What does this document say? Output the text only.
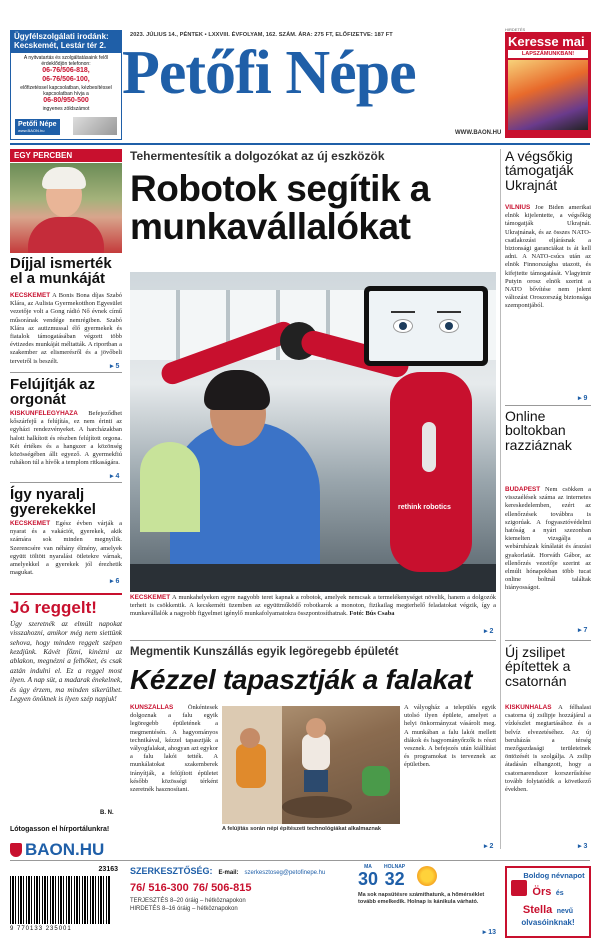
Ügyfélszolgálati irodánk:
Kecskemét, Lestár tér 2.
A nyitvatartás és szolgáltatásaink felől érdeklődjön telefonon:
06-76/506-818,
06-76/506-100,
előfizetéssel kapcsolatban, kézbesítéssel kapcsolatban hívja a
06-80/950-500
ingyenes zöldszámot
Petőfi Népe
www.BAON.hu
2023. JÚLIUS 14., PÉNTEK • LXXVIII. ÉVFOLYAM, 162. SZÁM. ÁRA: 275 FT, ELŐFIZETVE: 187 FT
Petőfi Népe
WWW.BAON.HU
HIRDETÉS
Keresse mai
LAPSZÁMUNKBAN!
EGY PERCBEN
Díjjal ismerték el a munkáját
KECSKEMÉT A Bonis Bona díjas Szabó Klára, az Aulista Gyermekotthon Egyesület vezetője volt a Gong rádió Nő évnek című műsorának vendége nemrégiben. Szabó Klára az autizmussal élő gyermekek és fiatalok támogatásában végzett több évtizedes munkáját méltatták. A riportban a szakember az elismerésről és a jövőbeli terveiről is beszélt.
▸ 5
Felújítják az orgonát
KISKUNFÉLEGYHÁZA Befejeződhet kőszárfejű a felújítás, ez nem érinti az egyházi rendezvényeket. A harcházakban halott halkított és részben felújított orgona. Két értékes és a hangszer a közönség közösségében állt egyező. A gyermekfiú ruhákon túl a hívők a templom ritkaságára.
▸ 4
Így nyaralj gyerekekkel
KECSKEMÉT Egész évben várják a nyarat és a vakációt, gyerekek, akik számára sok minden megnyílik. Szerencsére van néhány élmény, amelyek együtt töltött nyaralási ötletekre várnak, amelyekkel a gyerekek jól érezhetik magukat.
▸ 6
Jó reggelt!
Úgy szeretnék az elmúlt napokat visszahozni, amikor még nem siettünk sehova, hogy minden reggelt szépen kezdjünk. Kávét főzni, kinézni az ablakon, megnézni a felhőket, és csak aztán indulni el. Ez a reggel most ilyen. A nap süt, a madarak énekelnek, és úgy érzem, ma minden sikerülhet. Legyen önöknek is ilyen szép napjuk!
B. N.
Lótogasson el hírportálunkra!
BAON.HU
Tehermentesítik a dolgozókat az új eszközök
Robotok segítik a munkavállalókat
rethink robotics
KECSKEMÉT A munkahelyeken egyre nagyobb teret kapnak a robotok, amelyek nemcsak a termelékenységet növelik, hanem a dolgozók terheit is csökkentik. A kecskeméti üzemben az együttműködő robotkarok a monoton, fizikailag megterhelő feladatokat végzik, így a munkavállalók a nagyobb figyelmet igénylő munkafolyamatokra összpontosíthatnak. Fotó: Bús Csaba
▸ 2
Megmentik Kunszállás egyik legöregebb épületét
Kézzel tapasztják a falakat
KUNSZÁLLÁS Önkéntesek dolgoznak a falu egyik legöregebb épületének a megmentésén. A hagyományos technikával, kézzel tapasztják a vályogfalakat, ahogyan azt egykor a falu lakói tették. A munkálatokat szakemberek irányítják, a felújított épületet később közösségi térként szeretnék hasznosítani.
A felújítás során népi építészeti technológiákat alkalmaznak
A vályogház a település egyik utolsó ilyen épülete, amelyet a helyi önkormányzat vásárolt meg. A munkában a falu lakói mellett diákok és hagyományőrzők is részt vesznek. A befejezés után kiállítást és programokat is terveznek az épületben.
▸ 2
A végsőkig támogatják Ukrajnát
VILNIUS Joe Biden amerikai elnök kijelentette, a végsőkig támogatják Ukrajnát. Ukrajnának, és az összes NATO-csatlakozási eljárásnak a biztonsági garanciákat is át kell adni. A NATO-csúcs után az elnök Finnországba utazott, és kifejtette támogatását. Vlagyimir Putyin orosz elnök szerint a NATO bővítése nem jelent változást Oroszország biztonsága szempontjából.
▸ 9
Online boltokban razziáznak
BUDAPEST Nem csökken a visszaélések száma az internetes kereskedelemben, ezért az ellenőrzések továbbra is szigorúak. A fogyasztóvédelmi hatóság a nyári szezonban kiemelten vizsgálja a webáruházak kínálatát és árazási gyakorlatát. Horváth Gábor, az ellenőrzés vezetője szerint az elmúlt hónapokban több tucat online boltnál találtak hiányosságot.
▸ 7
Új zsilipet építettek a csatornán
KISKUNHALAS A félhalasi csatorna új zsilipje hozzájárul a vízkészlet megtartásához és a belvíz elvezetéséhez. Az új beruházás a térség mezőgazdasági területeinek öntözését is szolgálja. A zsilip átadásán elhangzott, hogy a csatornarendszer korszerűsítése tovább folytatódik a következő években.
▸ 3
23163
9 770133 235001
SZERKESZTŐSÉG: E-mail: szerkesztoseg@petofinepe.hu
76/ 516-300 76/ 506-815
TERJESZTÉS 8–20 óráig – hétköznapokon
HIRDETÉS 8–16 óráig – hétköznapokon
MA
30
HOLNAP
32
Ma sok napsütésre számíthatunk, a hőmérséklet tovább emelkedik. Holnap is kánikula várható.
▸ 13
Boldog névnapot
Örs és
Stella nevű
olvasóinknak!
